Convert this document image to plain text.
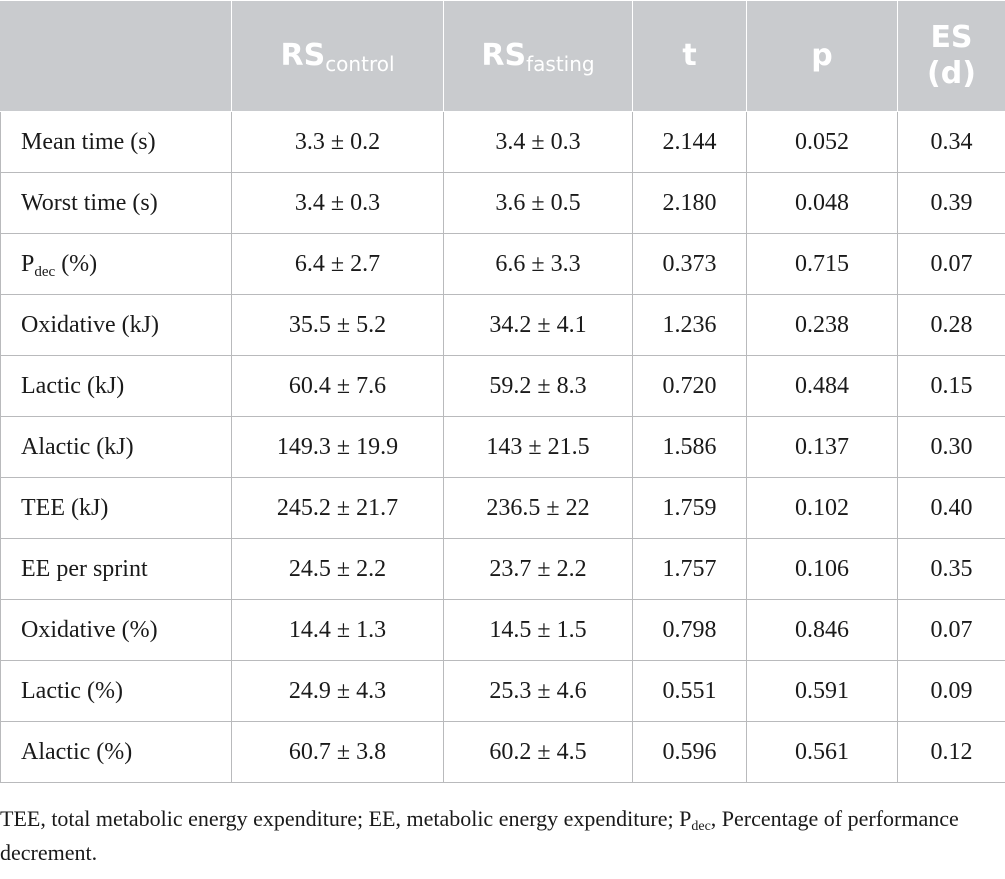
	$RS_{control}$	$RS_{fasting}$	t	p	ES
(d)
Mean time (s)	3.3 ± 0.2	3.4 ± 0.3	2.144	0.052	0.34
Worst time (s)	3.4 ± 0.3	3.6 ± 0.5	2.180	0.048	0.39
$P_{dec}$ (%)	6.4 ± 2.7	6.6 ± 3.3	0.373	0.715	0.07
Oxidative (kJ)	35.5 ± 5.2	34.2 ± 4.1	1.236	0.238	0.28
Lactic (kJ)	60.4 ± 7.6	59.2 ± 8.3	0.720	0.484	0.15
Alactic (kJ)	149.3 ± 19.9	143 ± 21.5	1.586	0.137	0.30
TEE (kJ)	245.2 ± 21.7	236.5 ± 22	1.759	0.102	0.40
EE per sprint	24.5 ± 2.2	23.7 ± 2.2	1.757	0.106	0.35
Oxidative (%)	14.4 ± 1.3	14.5 ± 1.5	0.798	0.846	0.07
Lactic (%)	24.9 ± 4.3	25.3 ± 4.6	0.551	0.591	0.09
Alactic (%)	60.7 ± 3.8	60.2 ± 4.5	0.596	0.561	0.12

TEE, total metabolic energy expenditure; EE, metabolic energy expenditure; $P_{dec}$, Percentage of performance decrement.
